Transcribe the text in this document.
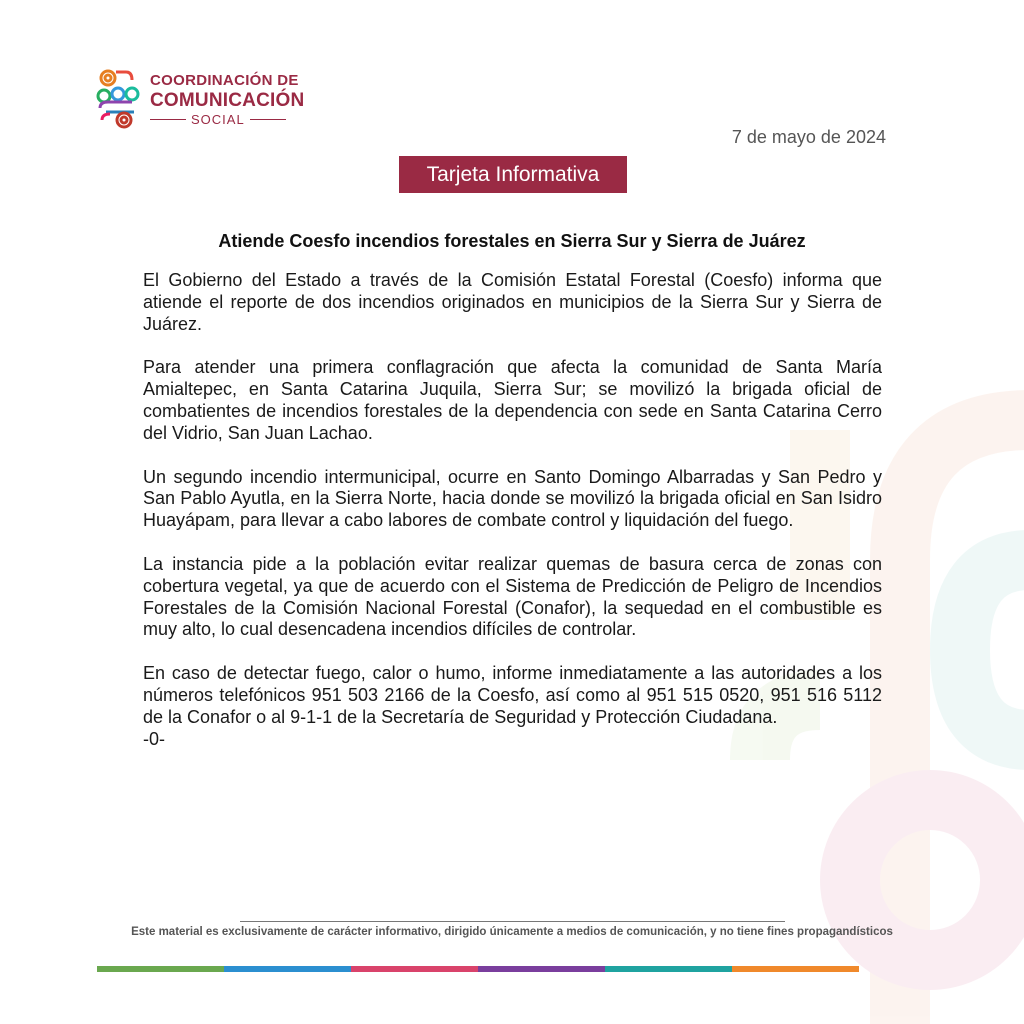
COORDINACIÓN DE
COMUNICACIÓN
SOCIAL
7 de mayo de 2024
Tarjeta Informativa
Atiende Coesfo incendios forestales en Sierra Sur y Sierra de Juárez

El Gobierno del Estado a través de la Comisión Estatal Forestal (Coesfo) informa que atiende el reporte de dos incendios originados en municipios de la Sierra Sur y Sierra de Juárez.

Para atender una primera conflagración que afecta la comunidad de Santa María Amialtepec, en Santa Catarina Juquila, Sierra Sur; se movilizó la brigada oficial de combatientes de incendios forestales de la dependencia con sede en Santa Catarina Cerro del Vidrio, San Juan Lachao.

Un segundo incendio intermunicipal, ocurre en Santo Domingo Albarradas y San Pedro y San Pablo Ayutla, en la Sierra Norte, hacia donde se movilizó la brigada oficial en San Isidro Huayápam, para llevar a cabo labores de combate control y liquidación del fuego.

La instancia pide a la población evitar realizar quemas de basura cerca de zonas con cobertura vegetal, ya que de acuerdo con el Sistema de Predicción de Peligro de Incendios Forestales de la Comisión Nacional Forestal (Conafor), la sequedad en el combustible es muy alto, lo cual desencadena incendios difíciles de controlar.

En caso de detectar fuego, calor o humo, informe inmediatamente a las autoridades a los números telefónicos 951 503 2166 de la Coesfo, así como al 951 515 0520, 951 516 5112 de la Conafor o al 9-1-1 de la Secretaría de Seguridad y Protección Ciudadana.

-0-
Este material es exclusivamente de carácter informativo, dirigido únicamente a medios de comunicación, y no tiene fines propagandísticos
